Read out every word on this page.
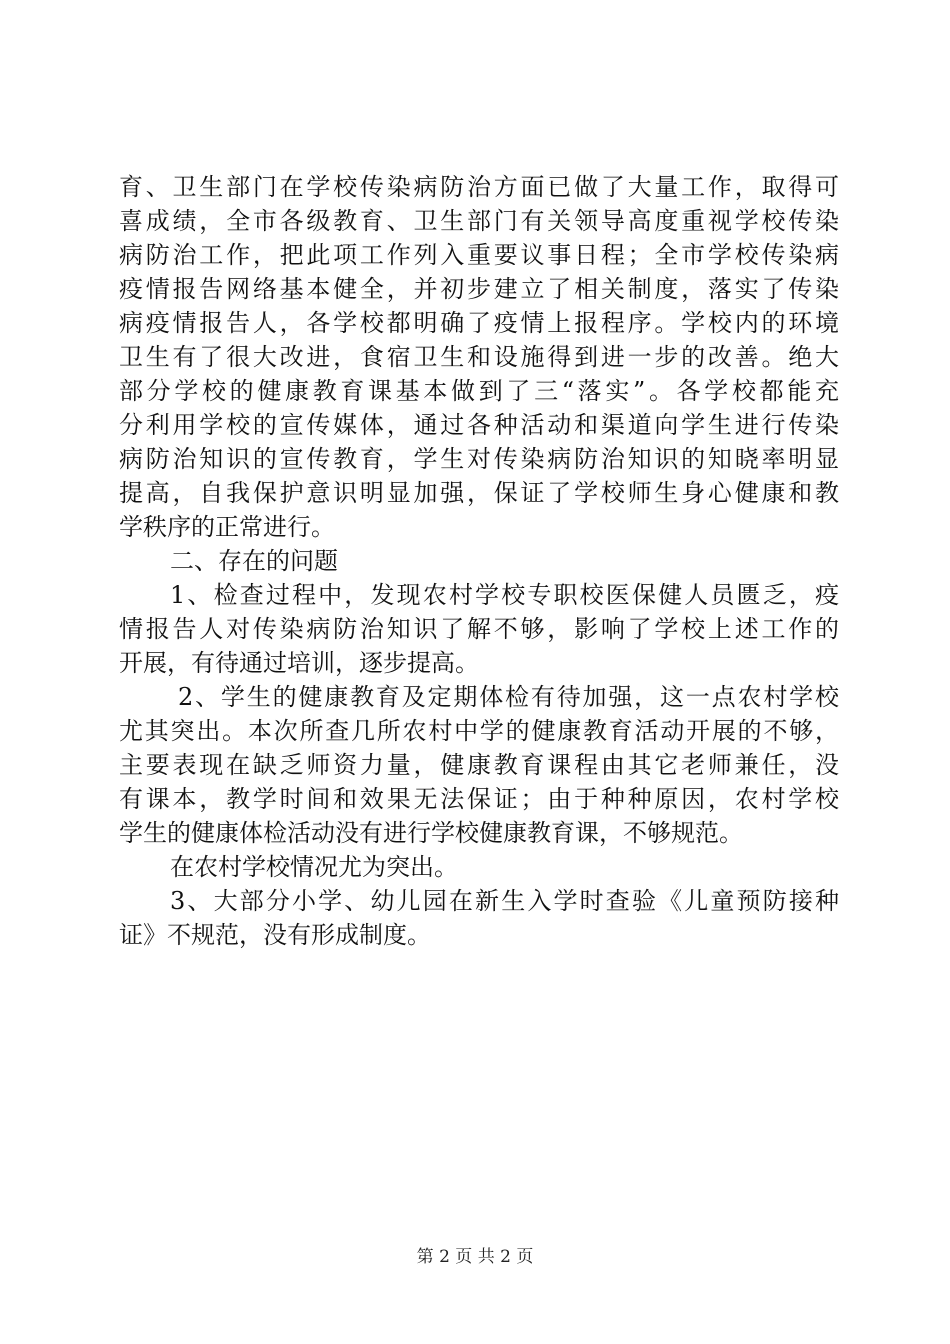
育、卫生部门在学校传染病防治方面已做了大量工作，取得可
喜成绩，全市各级教育、卫生部门有关领导高度重视学校传染
病防治工作，把此项工作列入重要议事日程；全市学校传染病
疫情报告网络基本健全，并初步建立了相关制度，落实了传染
病疫情报告人，各学校都明确了疫情上报程序。学校内的环境
卫生有了很大改进，食宿卫生和设施得到进一步的改善。绝大
部分学校的健康教育课基本做到了三“落实”。各学校都能充
分利用学校的宣传媒体，通过各种活动和渠道向学生进行传染
病防治知识的宣传教育，学生对传染病防治知识的知晓率明显
提高，自我保护意识明显加强，保证了学校师生身心健康和教
学秩序的正常进行。
二、存在的问题
1、检查过程中，发现农村学校专职校医保健人员匮乏，疫
情报告人对传染病防治知识了解不够，影响了学校上述工作的
开展，有待通过培训，逐步提高。
2、学生的健康教育及定期体检有待加强，这一点农村学校
尤其突出。本次所查几所农村中学的健康教育活动开展的不够，
主要表现在缺乏师资力量，健康教育课程由其它老师兼任，没
有课本，教学时间和效果无法保证；由于种种原因，农村学校
学生的健康体检活动没有进行学校健康教育课，不够规范。
在农村学校情况尤为突出。
3、大部分小学、幼儿园在新生入学时查验《儿童预防接种
证》不规范，没有形成制度。
第 2 页 共 2 页
